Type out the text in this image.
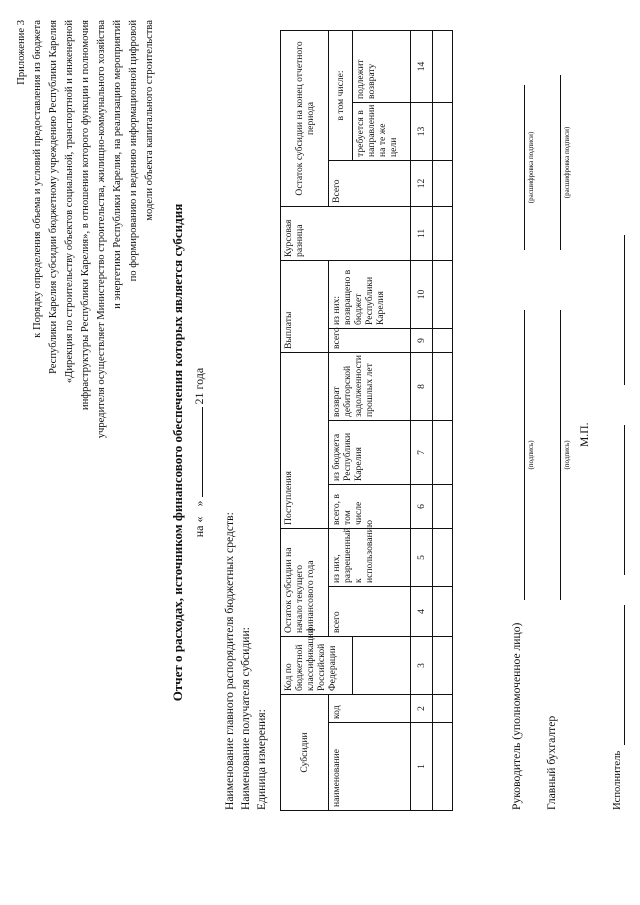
Приложение 3 к Порядку определения объема и условий предоставления из бюджета Республики Карелия субсидии бюджетному учреждению Республики Карелия «Дирекция по строительству объектов социальной, транспортной и инженерной инфраструктуры Республики Карелия», в отношении которого функции и полномочия учредителя осуществляет Министерство строительства, жилищно-коммунального хозяйства и энергетики Республики Карелия, на реализацию мероприятий по формированию и ведению информационной цифровой модели объекта капитального строительства
Отчет о расходах, источником финансового обеспечения которых является субсидия на «»  21 года
Наименование главного распорядителя бюджетных средств: Наименование получателя субсидии: Единица измерения:	Субсидии		Код по бюджетной классификации Российской Федерации	Остаток субсидии на начало текущего финансового года		Поступления			Выплаты		Курсовая разница	Остаток субсидии на конец отчетного периода		
наименование	код		всего	из них, разрешенный к использованию	всего, в том числе	из бюджета Республики Карелия	возврат дебиторской задолженности прошлых лет	всего	из них: возвращено в бюджет Республики Карелия		Всего	в том числе:	
												требуется в направлении на те же цели	подлежит возврату
1	2	3	4	5	6	7	8	9	10	11	12	13	14

Руководитель (уполномоченное лицо)
(подпись)
(расшифровка подписи)
Главный бухгалтер
(подпись)
(расшифровка подписи)
М.П.
Исполнитель
